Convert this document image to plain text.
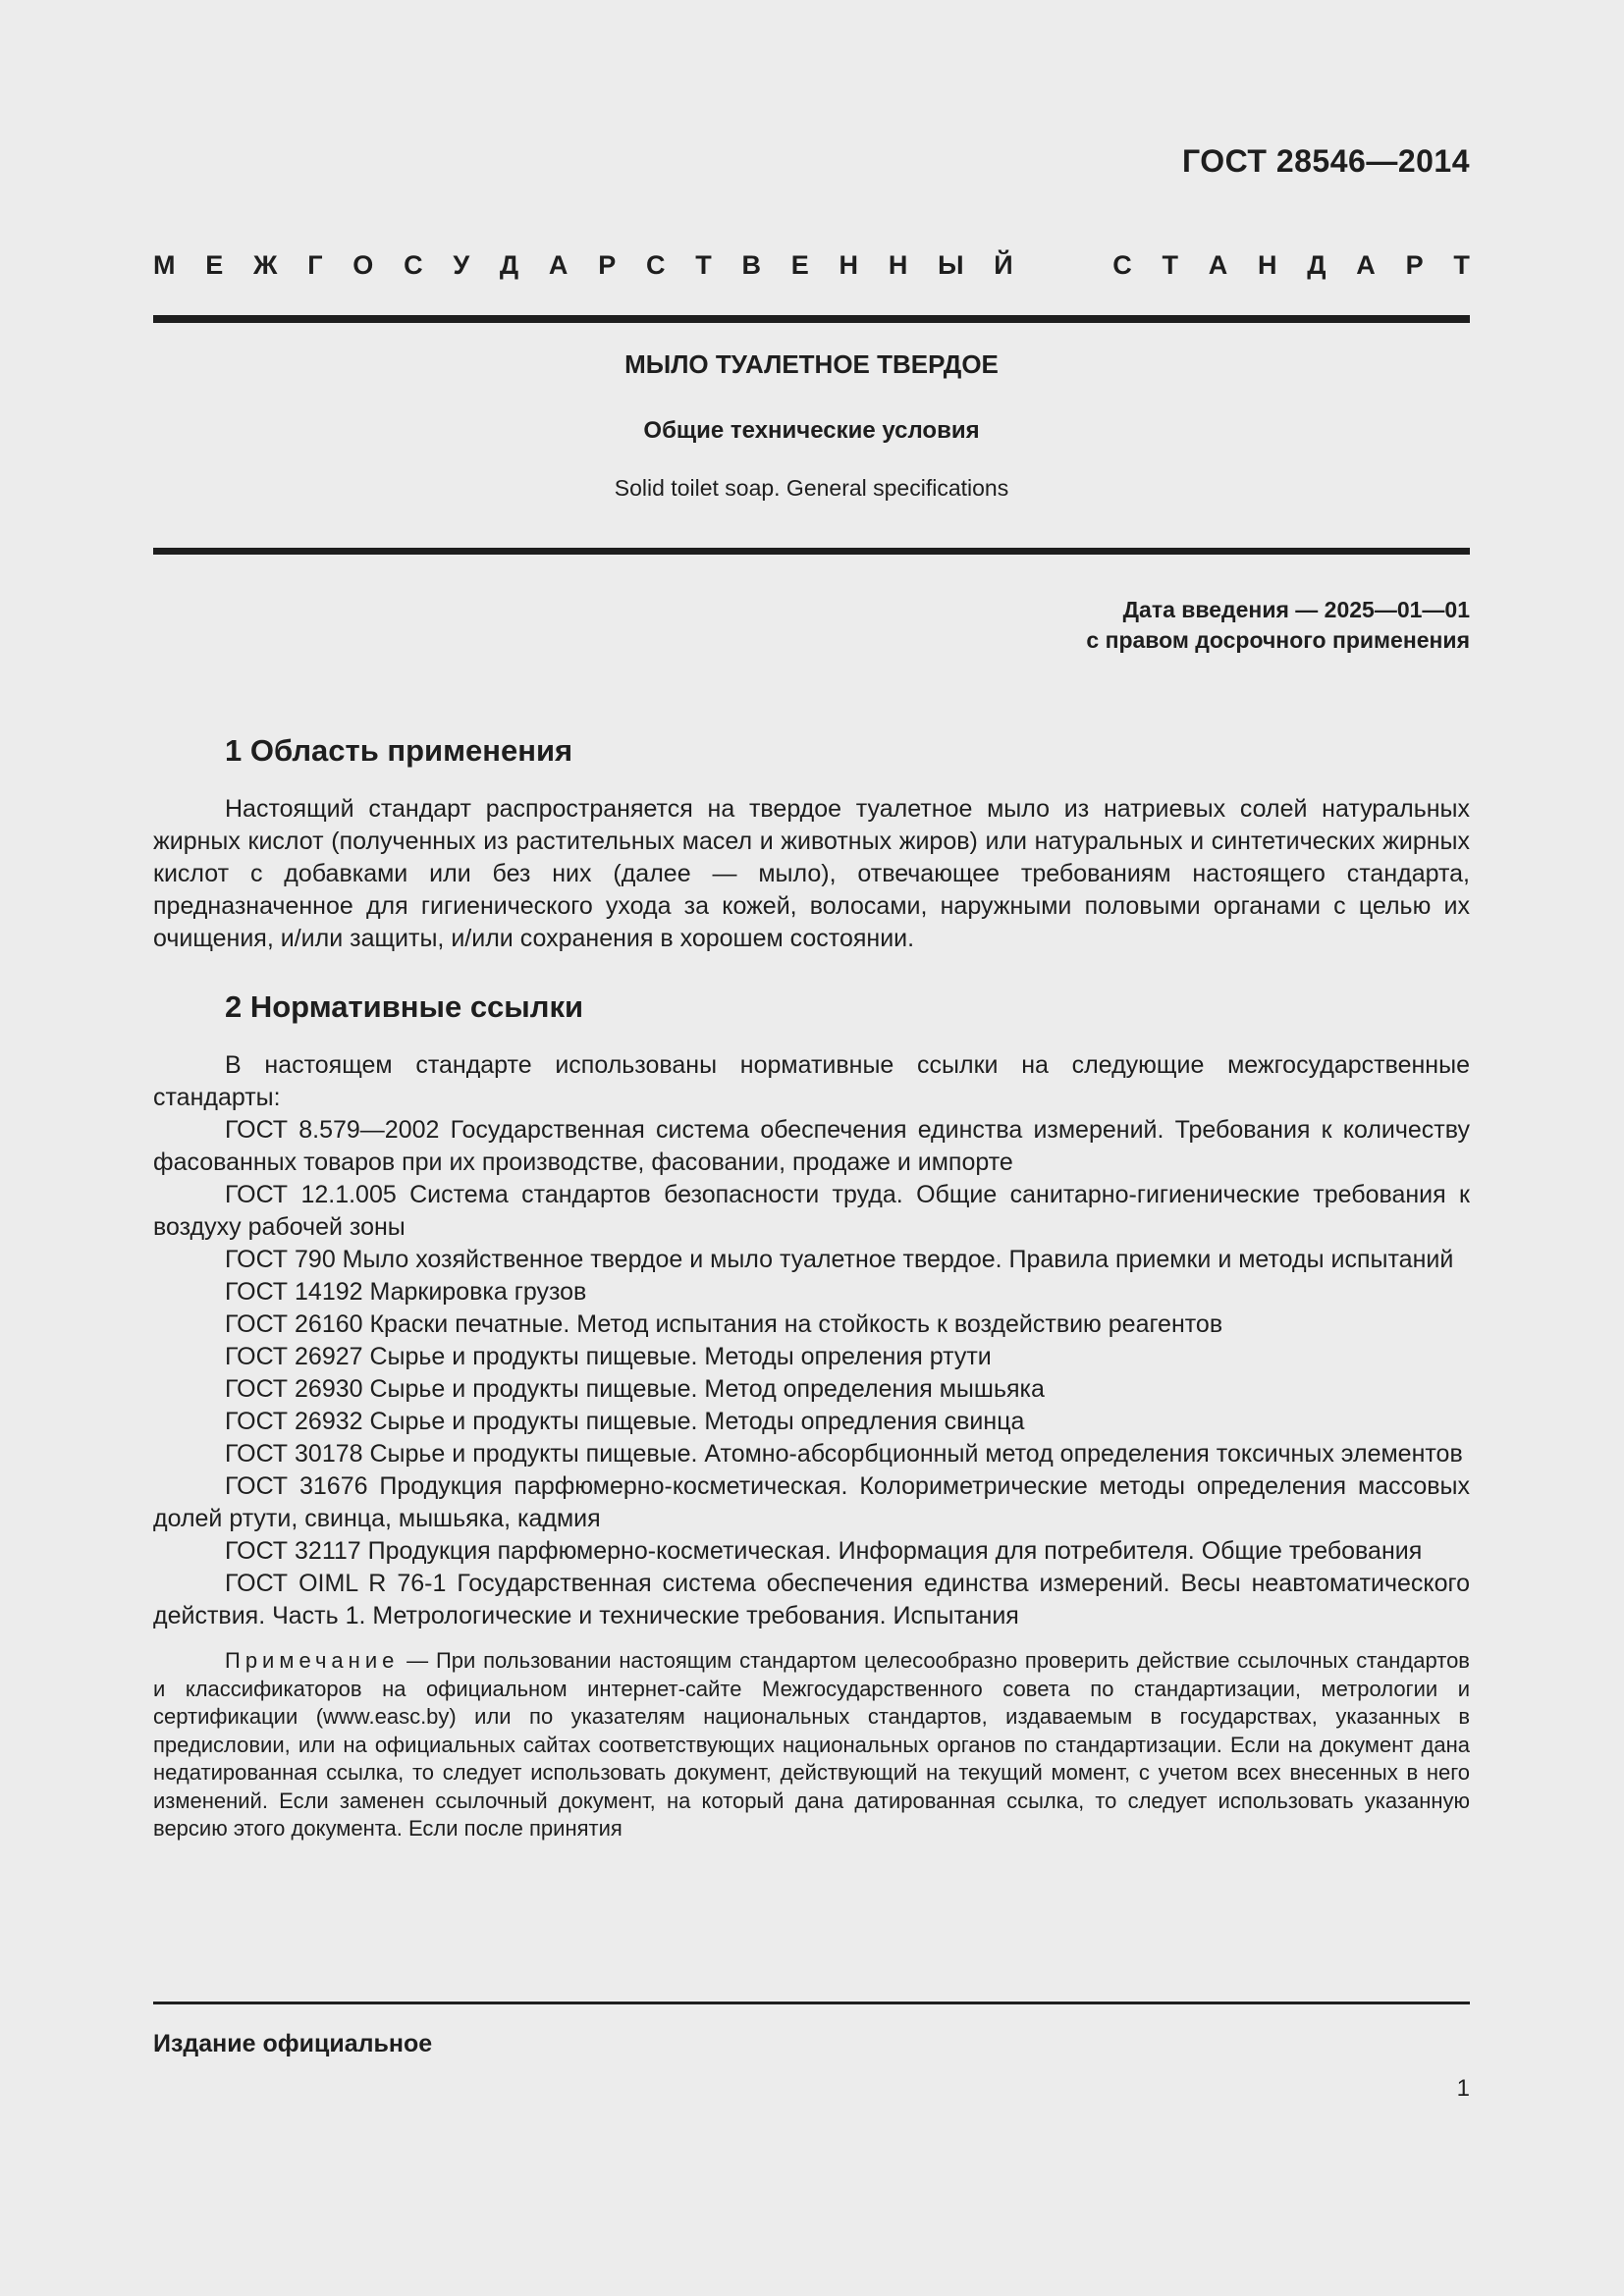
ГОСТ 28546—2014
М Е Ж Г О С У Д А Р С Т В Е Н Н Ы Й	С Т А Н Д А Р Т

МЫЛО ТУАЛЕТНОЕ ТВЕРДОЕ

Общие технические условия

Solid toilet soap. General specifications

Дата введения — 2025—01—01
с правом досрочного применения
1 Область применения

Настоящий стандарт распространяется на твердое туалетное мыло из натриевых солей натуральных жирных кислот (полученных из растительных масел и животных жиров) или натуральных и синтетических жирных кислот с добавками или без них (далее — мыло), отвечающее требованиям настоящего стандарта, предназначенное для гигиенического ухода за кожей, волосами, наружными половыми органами с целью их очищения, и/или защиты, и/или сохранения в хорошем состоянии.

2 Нормативные ссылки

В настоящем стандарте использованы нормативные ссылки на следующие межгосударственные стандарты:

ГОСТ 8.579—2002 Государственная система обеспечения единства измерений. Требования к количеству фасованных товаров при их производстве, фасовании, продаже и импорте
ГОСТ 12.1.005 Система стандартов безопасности труда. Общие санитарно-гигиенические требования к воздуху рабочей зоны
ГОСТ 790 Мыло хозяйственное твердое и мыло туалетное твердое. Правила приемки и методы испытаний
ГОСТ 14192 Маркировка грузов
ГОСТ 26160 Краски печатные. Метод испытания на стойкость к воздействию реагентов
ГОСТ 26927 Сырье и продукты пищевые. Методы опреления ртути
ГОСТ 26930 Сырье и продукты пищевые. Метод определения мышьяка
ГОСТ 26932 Сырье и продукты пищевые. Методы опредления свинца
ГОСТ 30178 Сырье и продукты пищевые. Атомно-абсорбционный метод определения токсичных элементов
ГОСТ 31676 Продукция парфюмерно-косметическая. Колориметрические методы определения массовых долей ртути, свинца, мышьяка, кадмия
ГОСТ 32117 Продукция парфюмерно-косметическая. Информация для потребителя. Общие требования
ГОСТ OIML R 76-1 Государственная система обеспечения единства измерений. Весы неавтоматического действия. Часть 1. Метрологические и технические требования. Испытания

Примечание — При пользовании настоящим стандартом целесообразно проверить действие ссылочных стандартов и классификаторов на официальном интернет-сайте Межгосударственного совета по стандартизации, метрологии и сертификации (www.easc.by) или по указателям национальных стандартов, издаваемым в государствах, указанных в предисловии, или на официальных сайтах соответствующих национальных органов по стандартизации. Если на документ дана недатированная ссылка, то следует использовать документ, действующий на текущий момент, с учетом всех внесенных в него изменений. Если заменен ссылочный документ, на который дана датированная ссылка, то следует использовать указанную версию этого документа. Если после принятия

Издание официальное
1
